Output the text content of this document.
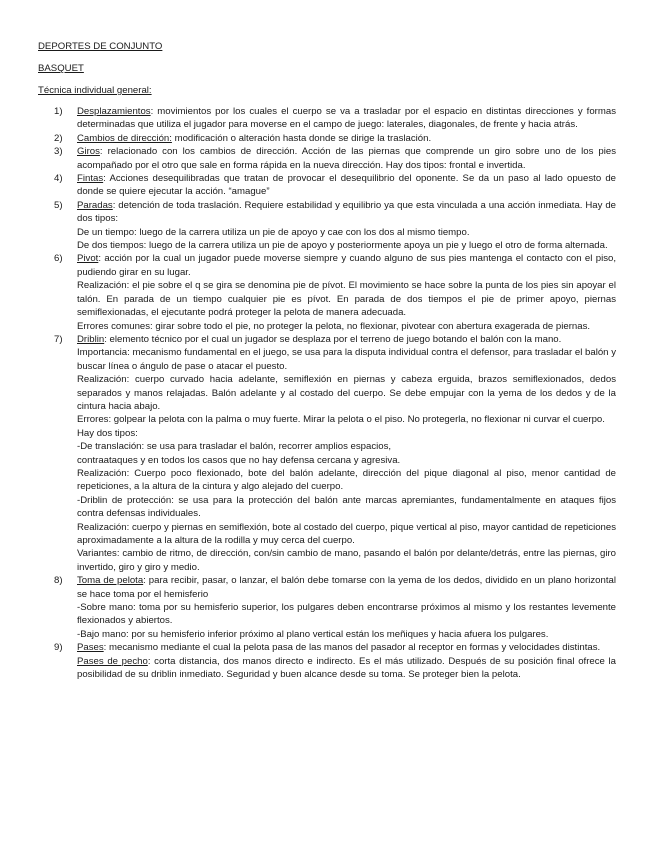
DEPORTES DE CONJUNTO
BASQUET
Técnica individual general:
1) Desplazamientos: movimientos por los cuales el cuerpo se va a trasladar por el espacio en distintas direcciones y formas determinadas que utiliza el jugador para moverse en el campo de juego: laterales, diagonales, de frente y hacia atrás.

2) Cambios de dirección: modificación o alteración hasta donde se dirige la traslación.

3) Giros: relacionado con los cambios de dirección. Acción de las piernas que comprende un giro sobre uno de los pies acompañado por el otro que sale en forma rápida en la nueva dirección. Hay dos tipos: frontal e invertida.

4) Fintas: Acciones desequilibradas que tratan de provocar el desequilibrio del oponente. Se da un paso al lado opuesto de donde se quiere ejecutar la acción. “amague”

5) Paradas: detención de toda traslación. Requiere estabilidad y equilibrio ya que esta vinculada a una acción inmediata. Hay de dos tipos:

De un tiempo: luego de la carrera utiliza un pie de apoyo y cae con los dos al mismo tiempo.

De dos tiempos: luego de la carrera utiliza un pie de apoyo y posteriormente apoya un pie y luego el otro de forma alternada.

6) Pivot: acción por la cual un jugador puede moverse siempre y cuando alguno de sus pies mantenga el contacto con el piso, pudiendo girar en su lugar.

Realización: el pie sobre el q se gira se denomina pie de pívot. El movimiento se hace sobre la punta de los pies sin apoyar el talón. En parada de un tiempo cualquier pie es pívot. En parada de dos tiempos el pie de primer apoyo, piernas semiflexionadas, el ejecutante podrá proteger la pelota de manera adecuada.

Errores comunes: girar sobre todo el pie, no proteger la pelota, no flexionar, pivotear con abertura exagerada de piernas.

7) Driblin: elemento técnico por el cual un jugador se desplaza por el terreno de juego botando el balón con la mano.

Importancia: mecanismo fundamental en el juego, se usa para la disputa individual contra el defensor, para trasladar el balón y buscar línea o ángulo de pase o atacar el puesto.

Realización: cuerpo curvado hacia adelante, semiflexión en piernas y cabeza erguida, brazos semiflexionados, dedos separados y manos relajadas. Balón adelante y al costado del cuerpo. Se debe empujar con la yema de los dedos y de la cintura hacia abajo.

Errores: golpear la pelota con la palma o muy fuerte. Mirar la pelota o el piso. No protegerla, no flexionar ni curvar el cuerpo.

Hay dos tipos:

-De translación: se usa para trasladar el balón, recorrer amplios espacios,

contraataques y en todos los casos que no hay defensa cercana y agresiva.

Realización: Cuerpo poco flexionado, bote del balón adelante, dirección del pique diagonal al piso, menor cantidad de repeticiones, a la altura de la cintura y algo alejado del cuerpo.

-Driblin de protección: se usa para la protección del balón ante marcas apremiantes, fundamentalmente en ataques fijos contra defensas individuales.

Realización: cuerpo y piernas en semiflexión, bote al costado del cuerpo, pique vertical al piso, mayor cantidad de repeticiones aproximadamente a la altura de la rodilla y muy cerca del cuerpo.

Variantes: cambio de ritmo, de dirección, con/sin cambio de mano, pasando el balón por delante/detrás, entre las piernas, giro invertido, giro y giro y medio.

8) Toma de pelota: para recibir, pasar, o lanzar, el balón debe tomarse con la yema de los dedos, dividido en un plano horizontal se hace toma por el hemisferio

-Sobre mano: toma por su hemisferio superior, los pulgares deben encontrarse próximos al mismo y los restantes levemente flexionados y abiertos.

-Bajo mano: por su hemisferio inferior próximo al plano vertical están los meñiques y hacia afuera los pulgares.

9) Pases: mecanismo mediante el cual la pelota pasa de las manos del pasador al receptor en formas y velocidades distintas.

Pases de pecho: corta distancia, dos manos directo e indirecto. Es el más utilizado. Después de su posición final ofrece la posibilidad de su driblin inmediato. Seguridad y buen alcance desde su toma. Se proteger bien la pelota.
